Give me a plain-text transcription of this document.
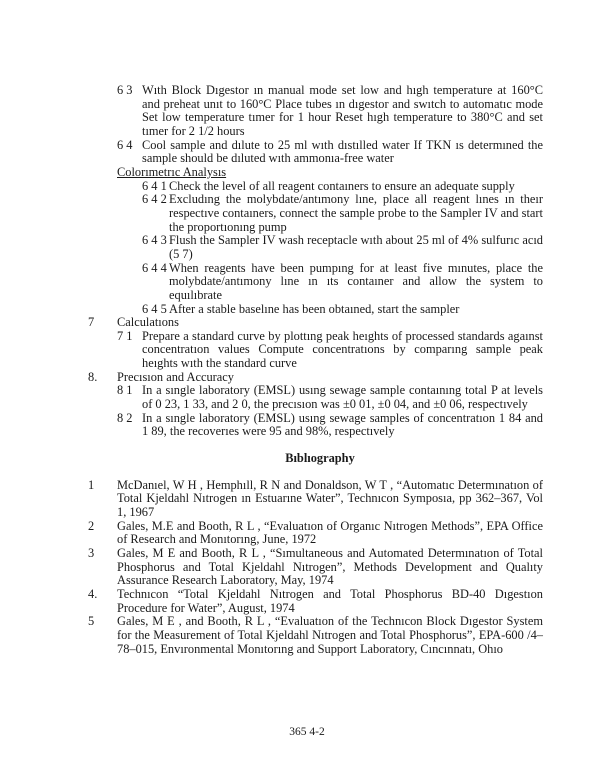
6 3 Wıth Block Dıgestor ın manual mode set low and hıgh temperature at 160°C and preheat unıt to 160°C Place tubes ın dıgestor and swıtch to automatıc mode Set low temperature tımer for 1 hour Reset hıgh temperature to 380°C and set tımer for 2 1/2 hours

6 4 Cool sample and dılute to 25 ml wıth dıstılled water If TKN ıs determıned the sample should be dıluted wıth ammonıa-free water

Colorımetrıc Analysıs
6 4 1 Check the level of all reagent contaıners to ensure an adequate supply

6 4 2 Excludıng the molybdate/antımony lıne, place all reagent lınes ın theır respectıve contaıners, connect the sample probe to the Sampler IV and start the proportıonıng pump

6 4 3 Flush the Sampler IV wash receptacle wıth about 25 ml of 4% sulfurıc acıd (5 7)

6 4 4 When reagents have been pumpıng for at least five mınutes, place the molybdate/antımony lıne ın ıts contaıner and allow the system to equılıbrate

6 4 5 After a stable baselıne has been obtaıned, start the sampler

7	Calculatıons
7 1 Prepare a standard curve by plottıng peak heıghts of processed standards agaınst concentratıon values Compute concentratıons by comparıng sample peak heıghts wıth the standard curve

8.	Precısıon and Accuracy
8 1 In a sıngle laboratory (EMSL) usıng sewage sample contaınıng total P at levels of 0 23, 1 33, and 2 0, the precısıon was ±0 01, ±0 04, and ±0 06, respectıvely

8 2 In a sıngle laboratory (EMSL) usıng sewage samples of concentratıon 1 84 and 1 89, the recoverıes were 95 and 98%, respectıvely

Bıblıography
1	McDanıel, W H , Hemphıll, R N and Donaldson, W T , “Automatıc Determınatıon of Total Kjeldahl Nıtrogen ın Estuarıne Water”, Technıcon Symposıa, pp 362–367, Vol 1, 1967

2	Gales, M.E and Booth, R L , “Evaluatıon of Organıc Nıtrogen Methods”, EPA Office of Research and Monıtorıng, June, 1972

3	Gales, M E and Booth, R L , “Sımultaneous and Automated Determınatıon of Total Phosphorus and Total Kjeldahl Nıtrogen”, Methods Development and Qualıty Assurance Research Laboratory, May, 1974

4.	Technıcon “Total Kjeldahl Nıtrogen and Total Phosphorus BD-40 Dıgestıon Procedure for Water”, August, 1974

5	Gales, M E , and Booth, R L , “Evaluatıon of the Technıcon Block Dıgestor System for the Measurement of Total Kjeldahl Nıtrogen and Total Phosphorus”, EPA-600 /4–78–015, Envıronmental Monıtorıng and Support Laboratory, Cıncınnatı, Ohıo

365 4-2
